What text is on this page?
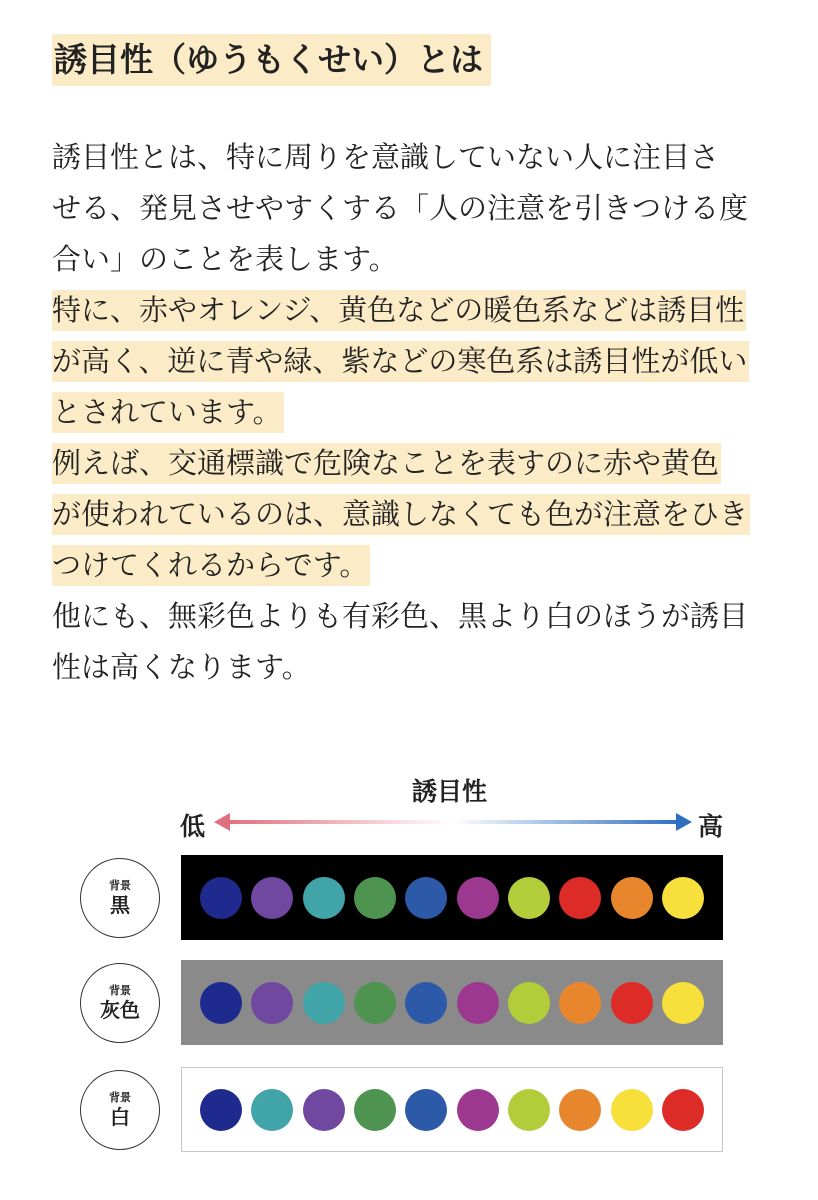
誘目性（ゆうもくせい）とは
誘目性とは、特に周りを意識していない人に注目さ
せる、発見させやすくする「人の注意を引きつける度
合い」のことを表します。
特に、赤やオレンジ、黄色などの暖色系などは誘目性
が高く、逆に青や緑、紫などの寒色系は誘目性が低い
とされています。
例えば、交通標識で危険なことを表すのに赤や黄色
が使われているのは、意識しなくても色が注意をひき
つけてくれるからです。
他にも、無彩色よりも有彩色、黒より白のほうが誘目
性は高くなります。
誘目性
低	高
背景
黒
背景
灰色
背景
白
